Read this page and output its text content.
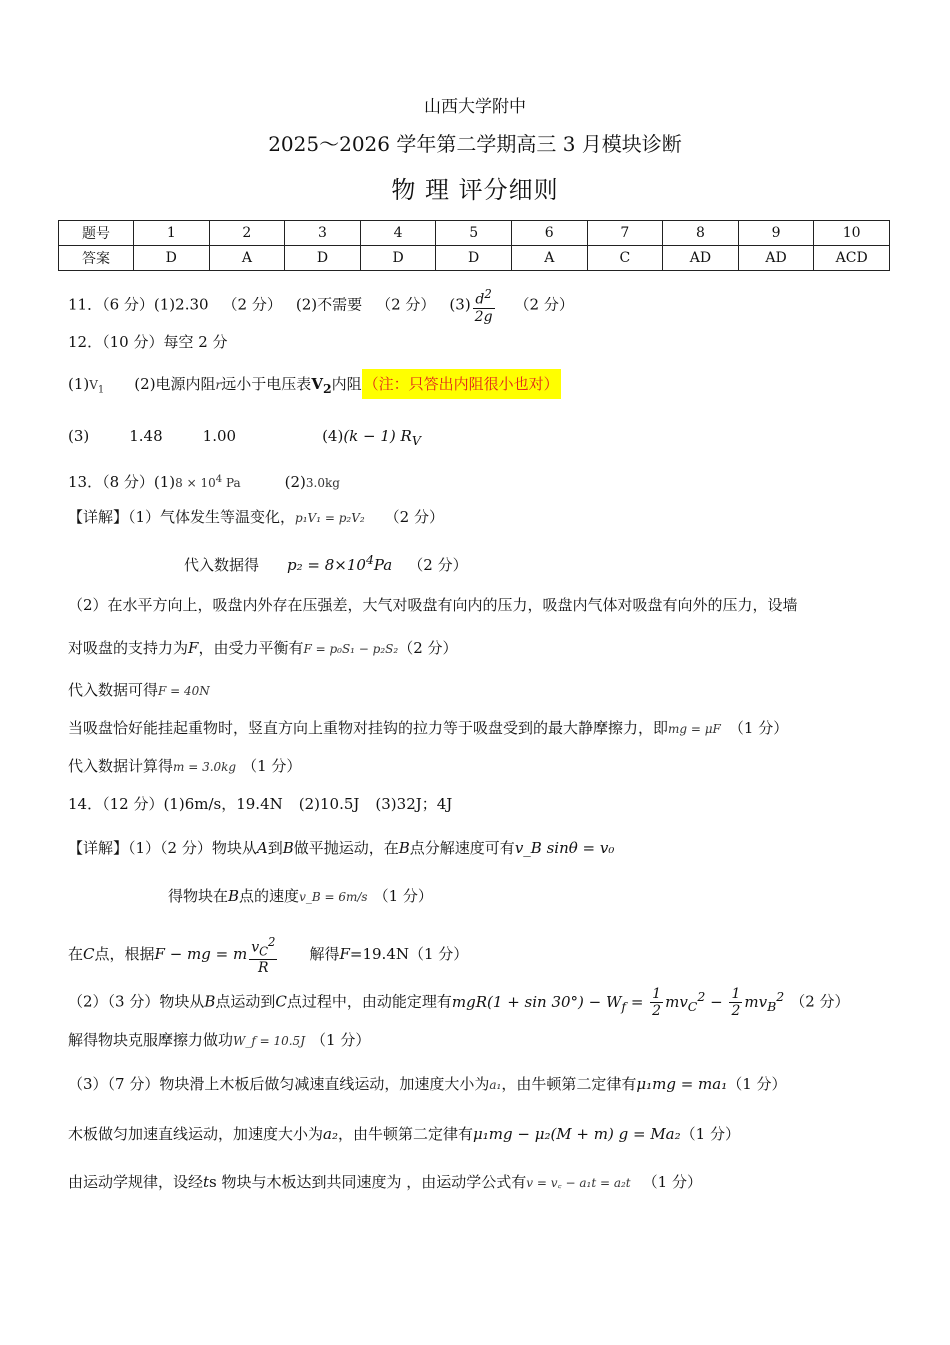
山西大学附中
2025～2026 学年第二学期高三 3 月模块诊断
物 理 评分细则
题号	1	2	3	4	5	6	7	8	9	10
答案	D	A	D	D	D	A	C	AD	AD	ACD
11．（6 分）(1)2.30 （2 分） (2)不需要 （2 分） $(3) \frac{d^2}{2g} (2$ 分）
12．（10 分）每空 2 分
$(1)V_1$ (2)电源内阻r远小于电压表$V_2$内阻 （注：只答出内阻很小也对）
(3)	1.48	1.00	(4)(k − 1) $R_V$
13．（8 分）$(1)8 \times 10^4$ Pa	(2)3.0kg
【详解】（1）气体发生等温变化，p₁V₁ = p₂V₂ （2 分）
代入数据得 $p_2 = 8\times 10^4Pa$ （2 分）
（2）在水平方向上，吸盘内外存在压强差，大气对吸盘有向内的压力，吸盘内气体对吸盘有向外的压力，设墙
对吸盘的支持力为F，由受力平衡有F = p₀S₁ − p₂S₂（2 分）
代入数据可得F = 40N
当吸盘恰好能挂起重物时，竖直方向上重物对挂钩的拉力等于吸盘受到的最大静摩擦力，即mg = μF （1 分）
代入数据计算得m = 3.0kg （1 分）
14．（12 分）(1)6m/s，19.4N (2)10.5J (3)32J；4J
【详解】（1）（2 分）物块从A到B做平抛运动，在B点分解速度可有v_B sinθ = v₀
得物块在B点的速度v_B = 6m/s （1 分）
在C点，根据F − mg = m $\frac{v_C^2}{R}$ 解得F=19.4N（1 分）
（2）（3 分）物块从B点运动到C点过程中，由动能定理有$mgR(1 + \sin 30^\circ) - W_f = \frac{1}{2} mv_C^2 - \frac{1}{2} mv_B^2$ （2 分）
解得物块克服摩擦力做功W_f = 10.5J （1 分）
（3）（7 分）物块滑上木板后做匀减速直线运动，加速度大小为a₁，由牛顿第二定律有μ₁mg = ma₁（1 分）
木板做匀加速直线运动，加速度大小为a₂，由牛顿第二定律有μ₁mg − μ₂(M + m) g = Ma₂（1 分）
由运动学规律，设经ts 物块与木板达到共同速度为 ，由运动学公式有v = v꜀ − a₁t = a₂t （1 分）
